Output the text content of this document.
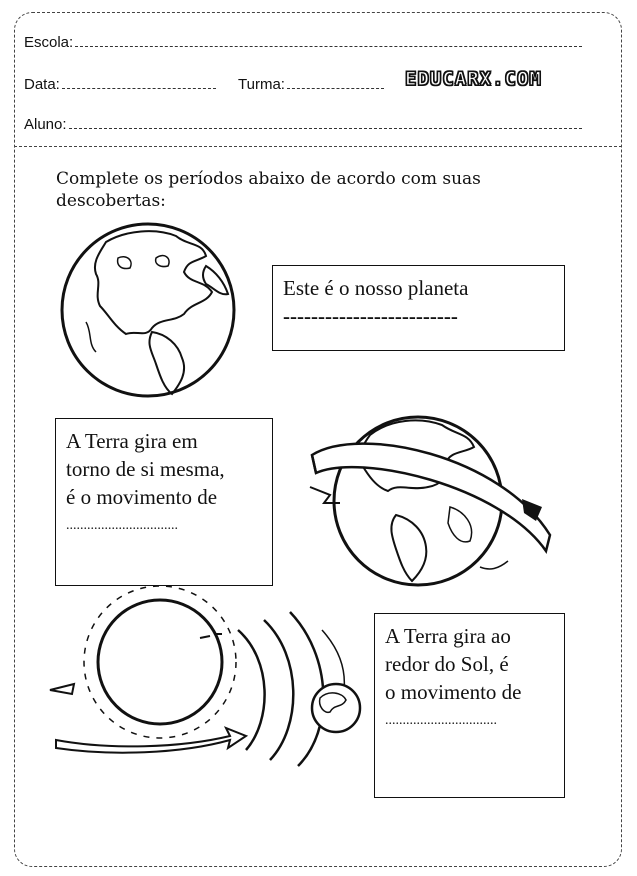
Escola:
Data:	Turma:	EDUCARX.COM
Aluno:
Complete os períodos abaixo de acordo com suas
descobertas:
Este é o nosso planeta
-------------------------
A Terra gira em
torno de si mesma,
é o movimento de
................................
A Terra gira ao
redor do Sol, é
o movimento de
................................
